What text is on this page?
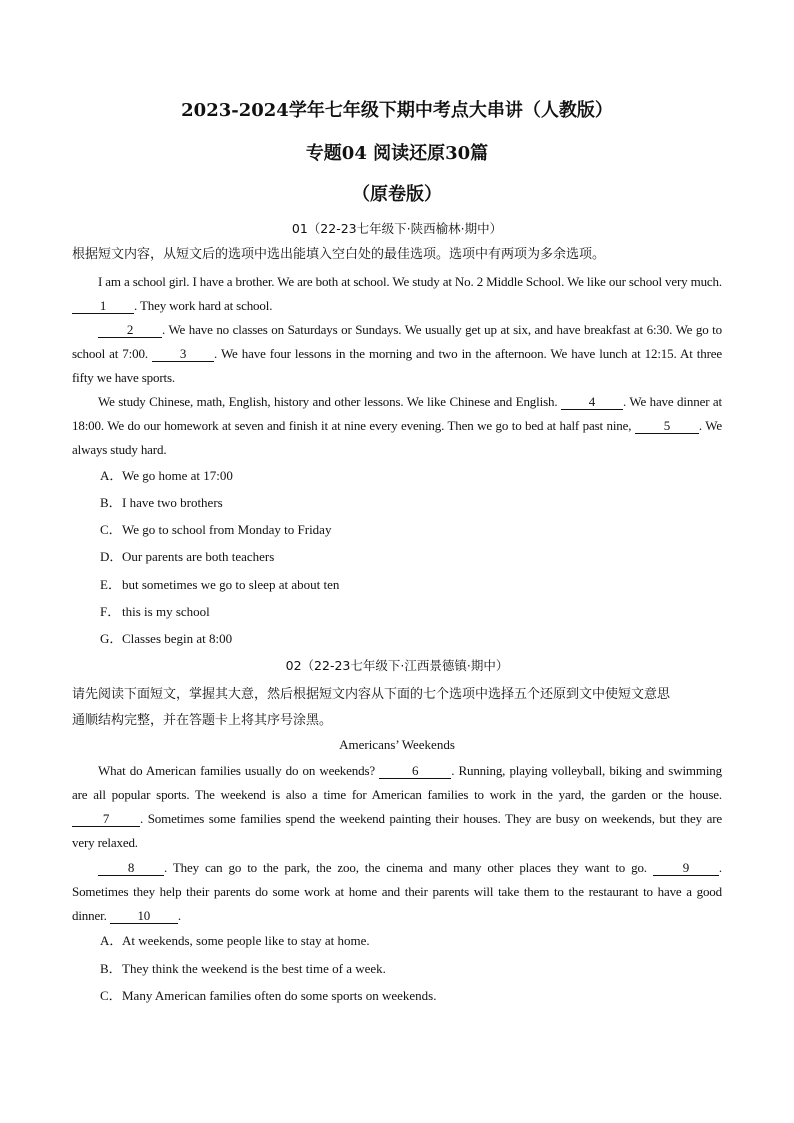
2023-2024学年七年级下期中考点大串讲（人教版）
专题04 阅读还原30篇
（原卷版）
01（22-23七年级下·陕西榆林·期中）
根据短文内容，从短文后的选项中选出能填入空白处的最佳选项。选项中有两项为多余选项。
I am a school girl. I have a brother. We are both at school. We study at No. 2 Middle School. We like our school very much. 1 . They work hard at school.
2 . We have no classes on Saturdays or Sundays. We usually get up at six, and have breakfast at 6:30. We go to school at 7:00. 3 . We have four lessons in the morning and two in the afternoon. We have lunch at 12:15. At three fifty we have sports.
We study Chinese, math, English, history and other lessons. We like Chinese and English. 4 . We have dinner at 18:00. We do our homework at seven and finish it at nine every evening. Then we go to bed at half past nine, 5 . We always study hard.
A．We go home at 17:00
B．I have two brothers
C．We go to school from Monday to Friday
D．Our parents are both teachers
E．but sometimes we go to sleep at about ten
F． this is my school
G．Classes begin at 8:00
02（22-23七年级下·江西景德镇·期中）
请先阅读下面短文，掌握其大意，然后根据短文内容从下面的七个选项中选择五个还原到文中使短文意思
通顺结构完整，并在答题卡上将其序号涂黑。
Americans’ Weekends
What do American families usually do on weekends?	6	. Running, playing volleyball, biking and swimming are all popular sports. The weekend is also a time for American families to work in the yard, the garden or the house. 7 . Sometimes some families spend the weekend painting their houses. They are busy on weekends, but they are very relaxed.
8 . They can go to the park, the zoo, the cinema and many other places they want to go.	9 . Sometimes they help their parents do some work at home and their parents will take them to the restaurant to have a good dinner. 10 .
A．At weekends, some people like to stay at home.
B．They think the weekend is the best time of a week.
C．Many American families often do some sports on weekends.
